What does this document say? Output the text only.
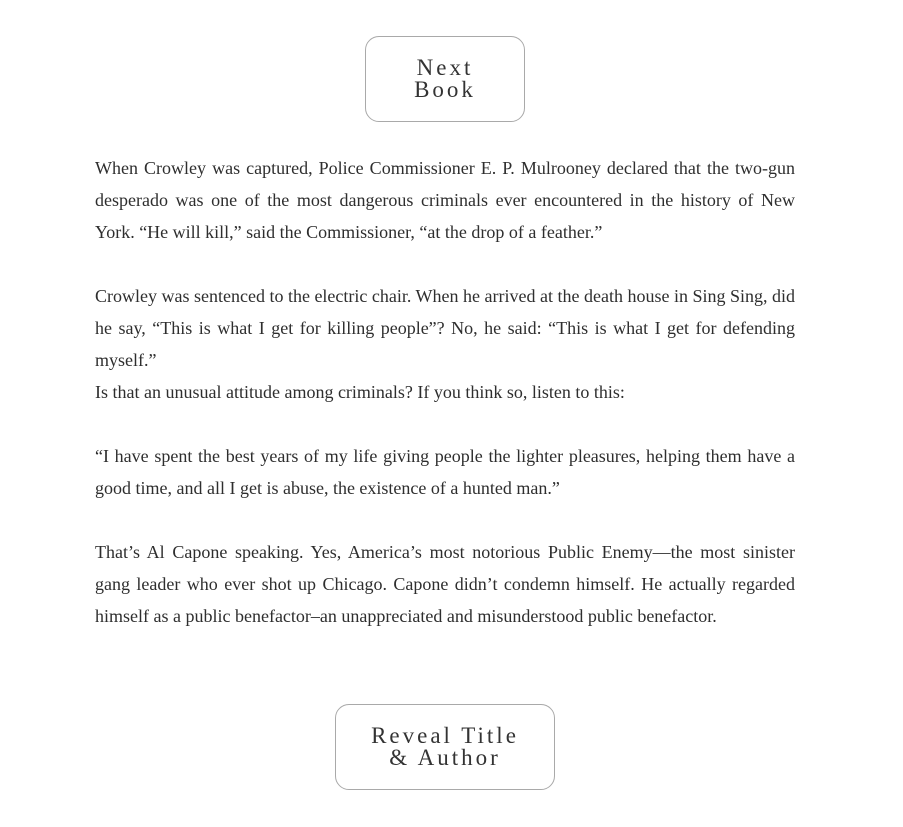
Next
Book

When Crowley was captured, Police Commissioner E. P. Mulrooney declared that the two-gun desperado was one of the most dangerous criminals ever encountered in the history of New York. “He will kill,” said the Commissioner, “at the drop of a feather.”

Crowley was sentenced to the electric chair. When he arrived at the death house in Sing Sing, did he say, “This is what I get for killing people”? No, he said: “This is what I get for defending myself.”

Is that an unusual attitude among criminals? If you think so, listen to this:

“I have spent the best years of my life giving people the lighter pleasures, helping them have a good time, and all I get is abuse, the existence of a hunted man.”

That’s Al Capone speaking. Yes, America’s most notorious Public Enemy—the most sinister gang leader who ever shot up Chicago. Capone didn’t condemn himself. He actually regarded himself as a public benefactor–an unappreciated and misunderstood public benefactor.

Reveal Title
& Author
